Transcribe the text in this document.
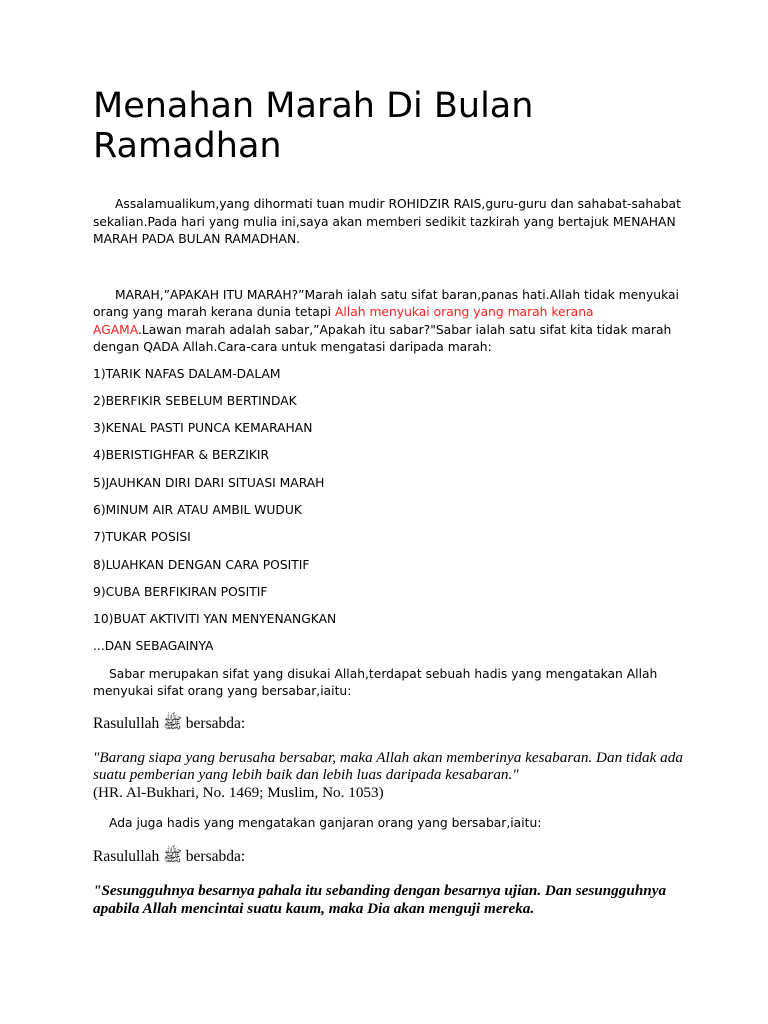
Menahan Marah Di Bulan Ramadhan

Assalamualikum,yang dihormati tuan mudir ROHIDZIR RAIS,guru-guru dan sahabat-sahabat sekalian.Pada hari yang mulia ini,saya akan memberi sedikit tazkirah yang bertajuk MENAHAN MARAH PADA BULAN RAMADHAN.

MARAH,”APAKAH ITU MARAH?”Marah ialah satu sifat baran,panas hati.Allah tidak menyukai orang yang marah kerana dunia tetapi Allah menyukai orang yang marah kerana AGAMA.Lawan marah adalah sabar,”Apakah itu sabar?"Sabar ialah satu sifat kita tidak marah dengan QADA Allah.Cara-cara untuk mengatasi daripada marah:

1)TARIK NAFAS DALAM-DALAM
2)BERFIKIR SEBELUM BERTINDAK
3)KENAL PASTI PUNCA KEMARAHAN
4)BERISTIGHFAR & BERZIKIR
5)JAUHKAN DIRI DARI SITUASI MARAH
6)MINUM AIR ATAU AMBIL WUDUK
7)TUKAR POSISI
8)LUAHKAN DENGAN CARA POSITIF
9)CUBA BERFIKIRAN POSITIF
10)BUAT AKTIVITI YAN MENYENANGKAN
...DAN SEBAGAINYA

Sabar merupakan sifat yang disukai Allah,terdapat sebuah hadis yang mengatakan Allah menyukai sifat orang yang bersabar,iaitu:

Rasulullah ﷺ bersabda:

"Barang siapa yang berusaha bersabar, maka Allah akan memberinya kesabaran. Dan tidak ada suatu pemberian yang lebih baik dan lebih luas daripada kesabaran."

(HR. Al-Bukhari, No. 1469; Muslim, No. 1053)

Ada juga hadis yang mengatakan ganjaran orang yang bersabar,iaitu:

Rasulullah ﷺ bersabda:

"Sesungguhnya besarnya pahala itu sebanding dengan besarnya ujian. Dan sesungguhnya apabila Allah mencintai suatu kaum, maka Dia akan menguji mereka.
